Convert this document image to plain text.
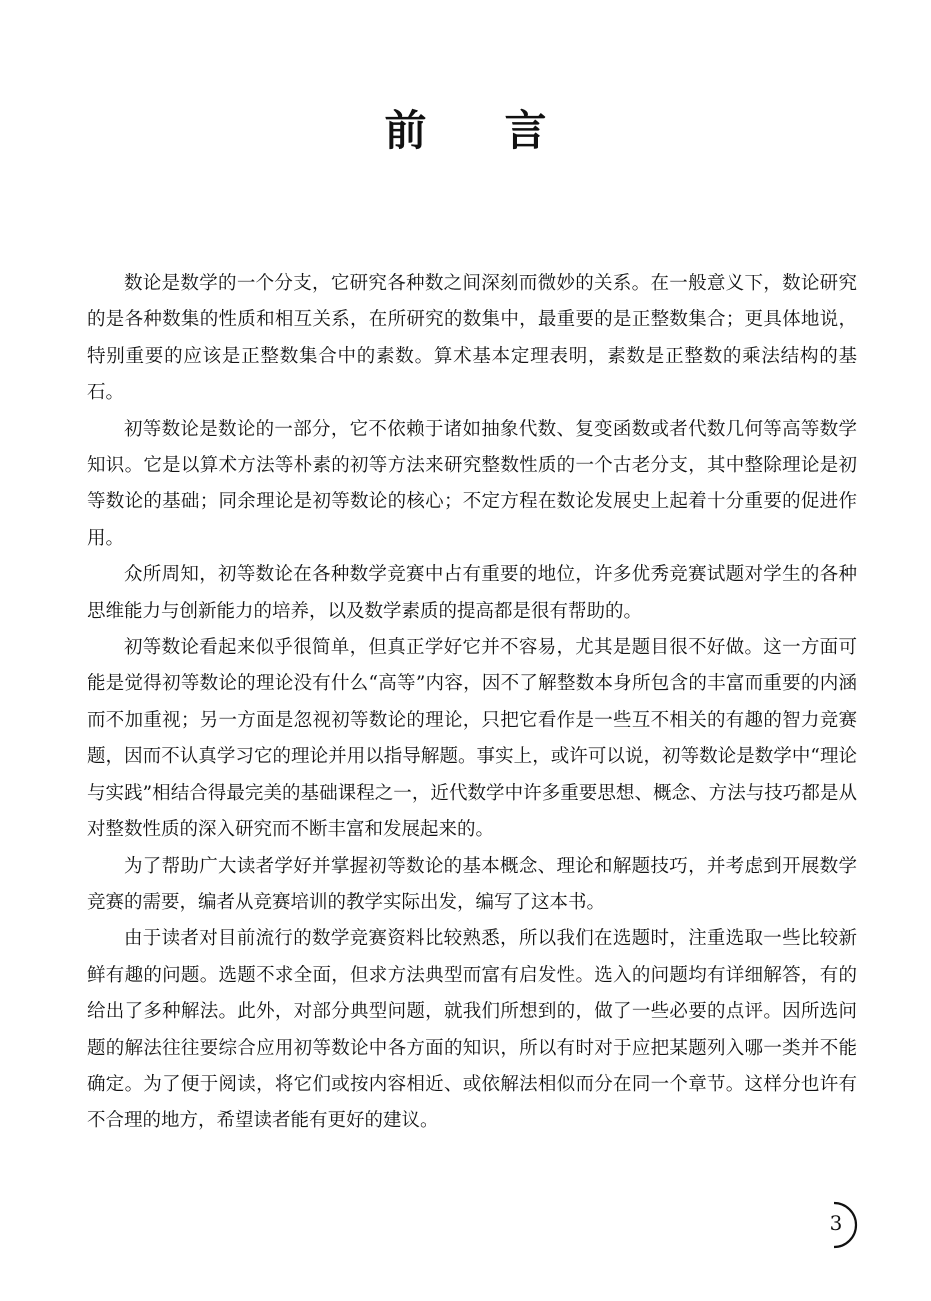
前言

数论是数学的一个分支，它研究各种数之间深刻而微妙的关系。在一般意义下，数论研究的是各种数集的性质和相互关系，在所研究的数集中，最重要的是正整数集合；更具体地说，特别重要的应该是正整数集合中的素数。算术基本定理表明，素数是正整数的乘法结构的基石。

初等数论是数论的一部分，它不依赖于诸如抽象代数、复变函数或者代数几何等高等数学知识。它是以算术方法等朴素的初等方法来研究整数性质的一个古老分支，其中整除理论是初等数论的基础；同余理论是初等数论的核心；不定方程在数论发展史上起着十分重要的促进作用。

众所周知，初等数论在各种数学竞赛中占有重要的地位，许多优秀竞赛试题对学生的各种思维能力与创新能力的培养，以及数学素质的提高都是很有帮助的。

初等数论看起来似乎很简单，但真正学好它并不容易，尤其是题目很不好做。这一方面可能是觉得初等数论的理论没有什么“高等”内容，因不了解整数本身所包含的丰富而重要的内涵而不加重视；另一方面是忽视初等数论的理论，只把它看作是一些互不相关的有趣的智力竞赛题，因而不认真学习它的理论并用以指导解题。事实上，或许可以说，初等数论是数学中“理论与实践”相结合得最完美的基础课程之一，近代数学中许多重要思想、概念、方法与技巧都是从对整数性质的深入研究而不断丰富和发展起来的。

为了帮助广大读者学好并掌握初等数论的基本概念、理论和解题技巧，并考虑到开展数学竞赛的需要，编者从竞赛培训的教学实际出发，编写了这本书。

由于读者对目前流行的数学竞赛资料比较熟悉，所以我们在选题时，注重选取一些比较新鲜有趣的问题。选题不求全面，但求方法典型而富有启发性。选入的问题均有详细解答，有的给出了多种解法。此外，对部分典型问题，就我们所想到的，做了一些必要的点评。因所选问题的解法往往要综合应用初等数论中各方面的知识，所以有时对于应把某题列入哪一类并不能确定。为了便于阅读，将它们或按内容相近、或依解法相似而分在同一个章节。这样分也许有不合理的地方，希望读者能有更好的建议。

3
